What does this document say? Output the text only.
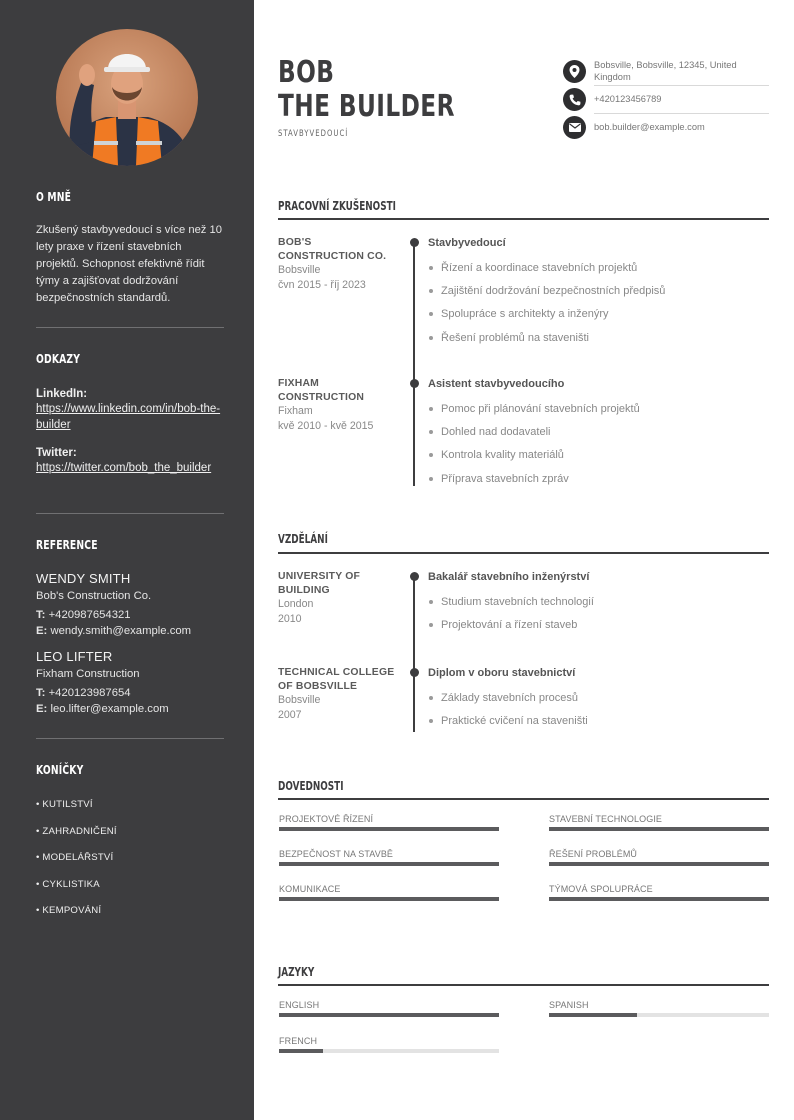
O MNĚ
Zkušený stavbyvedoucí s více než 10 lety praxe v řízení stavebních projektů. Schopnost efektivně řídit týmy a zajišťovat dodržování bezpečnostních standardů.
ODKAZY
LinkedIn:
https://www.linkedin.com/in/bob-the-builder
Twitter:
https://twitter.com/bob_the_builder
REFERENCE
WENDY SMITH
Bob's Construction Co.
T: +420987654321
E: wendy.smith@example.com
LEO LIFTER
Fixham Construction
T: +420123987654
E: leo.lifter@example.com
KONÍČKY
• KUTILSTVÍ
• ZAHRADNIČENÍ
• MODELÁŘSTVÍ
• CYKLISTIKA
• KEMPOVÁNÍ
BOB
THE BUILDER
STAVBYVEDOUCÍ
Bobsville, Bobsville, 12345, United Kingdom
+420123456789
bob.builder@example.com
PRACOVNÍ ZKUŠENOSTI
BOB'S CONSTRUCTION CO.
Bobsville
čvn 2015 - říj 2023
Stavbyvedoucí
Řízení a koordinace stavebních projektů
Zajištění dodržování bezpečnostních předpisů
Spolupráce s architekty a inženýry
Řešení problémů na staveništi
FIXHAM CONSTRUCTION
Fixham
kvě 2010 - kvě 2015
Asistent stavbyvedoucího
Pomoc při plánování stavebních projektů
Dohled nad dodavateli
Kontrola kvality materiálů
Příprava stavebních zpráv
VZDĚLÁNÍ
UNIVERSITY OF BUILDING
London
2010
Bakalář stavebního inženýrství
Studium stavebních technologií
Projektování a řízení staveb
TECHNICAL COLLEGE OF BOBSVILLE
Bobsville
2007
Diplom v oboru stavebnictví
Základy stavebních procesů
Praktické cvičení na staveništi
DOVEDNOSTI
PROJEKTOVÉ ŘÍZENÍ	STAVEBNÍ TECHNOLOGIE
BEZPEČNOST NA STAVBĚ	ŘEŠENÍ PROBLÉMŮ
KOMUNIKACE	TÝMOVÁ SPOLUPRÁCE
JAZYKY
ENGLISH	SPANISH
FRENCH
